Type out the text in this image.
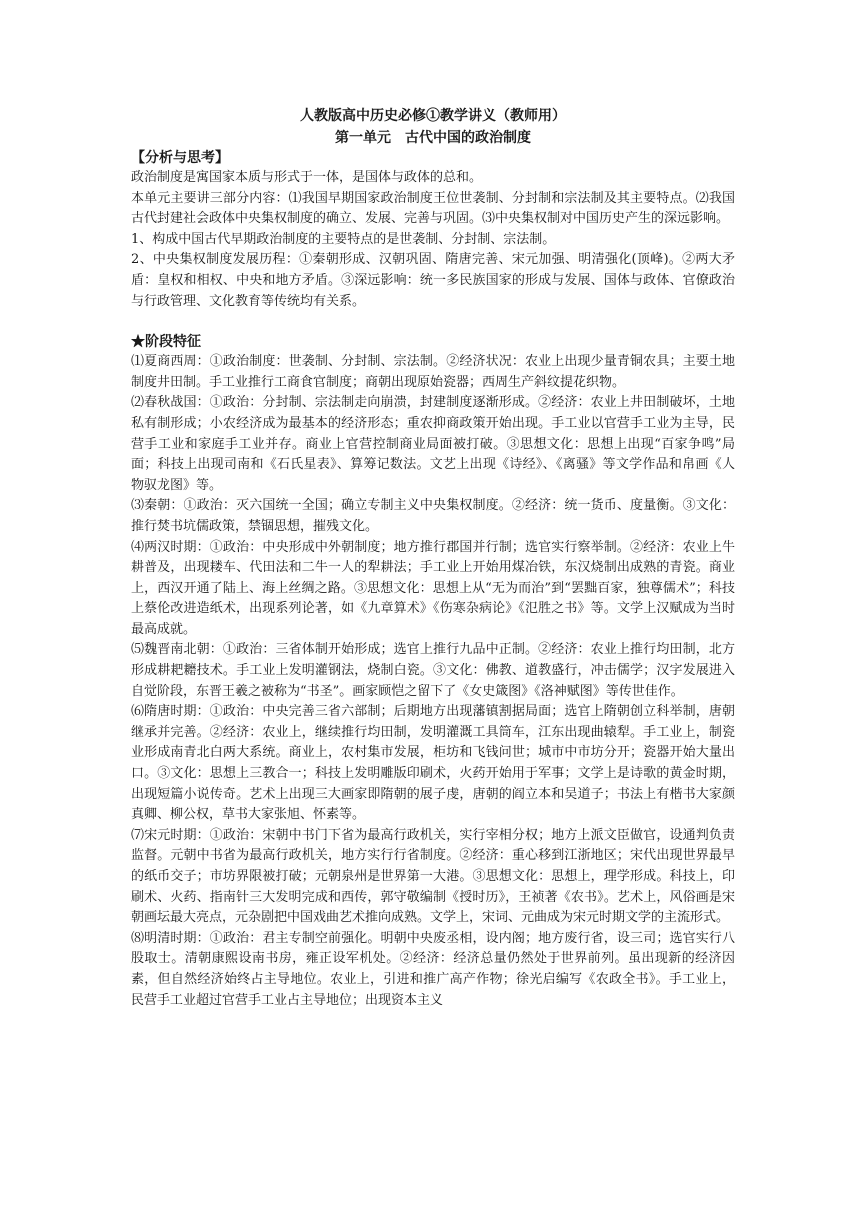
人教版高中历史必修①教学讲义（教师用）

第一单元　古代中国的政治制度

【分析与思考】

政治制度是寓国家本质与形式于一体，是国体与政体的总和。

本单元主要讲三部分内容：⑴我国早期国家政治制度王位世袭制、分封制和宗法制及其主要特点。⑵我国古代封建社会政体中央集权制度的确立、发展、完善与巩固。⑶中央集权制对中国历史产生的深远影响。

1、构成中国古代早期政治制度的主要特点的是世袭制、分封制、宗法制。

2、中央集权制度发展历程：①秦朝形成、汉朝巩固、隋唐完善、宋元加强、明清强化(顶峰)。②两大矛盾：皇权和相权、中央和地方矛盾。③深远影响：统一多民族国家的形成与发展、国体与政体、官僚政治与行政管理、文化教育等传统均有关系。

★阶段特征

⑴夏商西周：①政治制度：世袭制、分封制、宗法制。②经济状况：农业上出现少量青铜农具；主要土地制度井田制。手工业推行工商食官制度；商朝出现原始瓷器；西周生产斜纹提花织物。

⑵春秋战国：①政治：分封制、宗法制走向崩溃，封建制度逐渐形成。②经济：农业上井田制破坏，土地私有制形成；小农经济成为最基本的经济形态；重农抑商政策开始出现。手工业以官营手工业为主导，民营手工业和家庭手工业并存。商业上官营控制商业局面被打破。③思想文化：思想上出现“百家争鸣”局面；科技上出现司南和《石氏星表》、算筹记数法。文艺上出现《诗经》、《离骚》等文学作品和帛画《人物驭龙图》等。

⑶秦朝：①政治：灭六国统一全国；确立专制主义中央集权制度。②经济：统一货币、度量衡。③文化：推行焚书坑儒政策，禁锢思想，摧残文化。

⑷两汉时期：①政治：中央形成中外朝制度；地方推行郡国并行制；选官实行察举制。②经济：农业上牛耕普及，出现耧车、代田法和二牛一人的犁耕法；手工业上开始用煤冶铁，东汉烧制出成熟的青瓷。商业上，西汉开通了陆上、海上丝绸之路。③思想文化：思想上从“无为而治”到“罢黜百家，独尊儒术”；科技上蔡伦改进造纸术，出现系列论著，如《九章算术》《伤寒杂病论》《氾胜之书》等。文学上汉赋成为当时最高成就。

⑸魏晋南北朝：①政治：三省体制开始形成；选官上推行九品中正制。②经济：农业上推行均田制，北方形成耕耙耱技术。手工业上发明灌钢法，烧制白瓷。③文化：佛教、道教盛行，冲击儒学；汉字发展进入自觉阶段，东晋王羲之被称为“书圣”。画家顾恺之留下了《女史箴图》《洛神赋图》等传世佳作。

⑹隋唐时期：①政治：中央完善三省六部制；后期地方出现藩镇割据局面；选官上隋朝创立科举制，唐朝继承并完善。②经济：农业上，继续推行均田制，发明灌溉工具筒车，江东出现曲辕犁。手工业上，制瓷业形成南青北白两大系统。商业上，农村集市发展，柜坊和飞钱问世；城市中市坊分开；瓷器开始大量出口。③文化：思想上三教合一；科技上发明雕版印刷术，火药开始用于军事；文学上是诗歌的黄金时期，出现短篇小说传奇。艺术上出现三大画家即隋朝的展子虔，唐朝的阎立本和吴道子；书法上有楷书大家颜真卿、柳公权，草书大家张旭、怀素等。

⑺宋元时期：①政治：宋朝中书门下省为最高行政机关，实行宰相分权；地方上派文臣做官，设通判负责监督。元朝中书省为最高行政机关，地方实行行省制度。②经济：重心移到江浙地区；宋代出现世界最早的纸币交子；市坊界限被打破；元朝泉州是世界第一大港。③思想文化：思想上，理学形成。科技上，印刷术、火药、指南针三大发明完成和西传，郭守敬编制《授时历》，王祯著《农书》。艺术上，风俗画是宋朝画坛最大亮点，元杂剧把中国戏曲艺术推向成熟。文学上，宋词、元曲成为宋元时期文学的主流形式。

⑻明清时期：①政治：君主专制空前强化。明朝中央废丞相，设内阁；地方废行省，设三司；选官实行八股取士。清朝康熙设南书房，雍正设军机处。②经济：经济总量仍然处于世界前列。虽出现新的经济因素，但自然经济始终占主导地位。农业上，引进和推广高产作物；徐光启编写《农政全书》。手工业上，民营手工业超过官营手工业占主导地位；出现资本主义
